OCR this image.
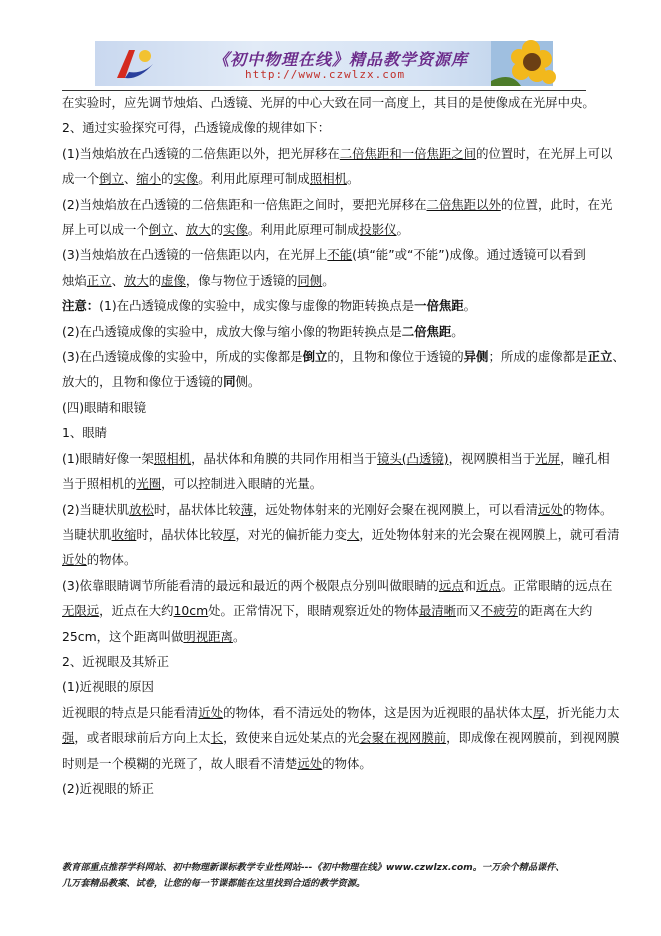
《初中物理在线》精品教学资源库
http://www.czwlzx.com

在实验时，应先调节烛焰、凸透镜、光屏的中心大致在同一高度上，其目的是使像成在光屏中央。

2、通过实验探究可得，凸透镜成像的规律如下：

(1)当烛焰放在凸透镜的二倍焦距以外，把光屏移在二倍焦距和一倍焦距之间的位置时，在光屏上可以

成一个倒立、缩小的实像。利用此原理可制成照相机。

(2)当烛焰放在凸透镜的二倍焦距和一倍焦距之间时，要把光屏移在二倍焦距以外的位置，此时，在光

屏上可以成一个倒立、放大的实像。利用此原理可制成投影仪。

(3)当烛焰放在凸透镜的一倍焦距以内，在光屏上不能(填“能”或“不能”)成像。通过透镜可以看到

烛焰正立、放大的虚像，像与物位于透镜的同侧。

注意：(1)在凸透镜成像的实验中，成实像与虚像的物距转换点是一倍焦距。

(2)在凸透镜成像的实验中，成放大像与缩小像的物距转换点是二倍焦距。

(3)在凸透镜成像的实验中，所成的实像都是倒立的，且物和像位于透镜的异侧；所成的虚像都是正立、

放大的，且物和像位于透镜的同侧。

(四)眼睛和眼镜

1、眼睛

(1)眼睛好像一架照相机，晶状体和角膜的共同作用相当于镜头(凸透镜)，视网膜相当于光屏，瞳孔相

当于照相机的光圈，可以控制进入眼睛的光量。

(2)当睫状肌放松时，晶状体比较薄，远处物体射来的光刚好会聚在视网膜上，可以看清远处的物体。

当睫状肌收缩时，晶状体比较厚，对光的偏折能力变大，近处物体射来的光会聚在视网膜上，就可看清

近处的物体。

(3)依靠眼睛调节所能看清的最远和最近的两个极限点分别叫做眼睛的远点和近点。正常眼睛的远点在

无限远，近点在大约10cm处。正常情况下，眼睛观察近处的物体最清晰而又不疲劳的距离在大约

25cm，这个距离叫做明视距离。

2、近视眼及其矫正

(1)近视眼的原因

近视眼的特点是只能看清近处的物体，看不清远处的物体，这是因为近视眼的晶状体太厚，折光能力太

强，或者眼球前后方向上太长，致使来自远处某点的光会聚在视网膜前，即成像在视网膜前，到视网膜

时则是一个模糊的光斑了，故人眼看不清楚远处的物体。

(2)近视眼的矫正

教育部重点推荐学科网站、初中物理新课标教学专业性网站---《初中物理在线》www.czwlzx.com。一万余个精品课件、
几万套精品教案、试卷，让您的每一节课都能在这里找到合适的教学资源。
